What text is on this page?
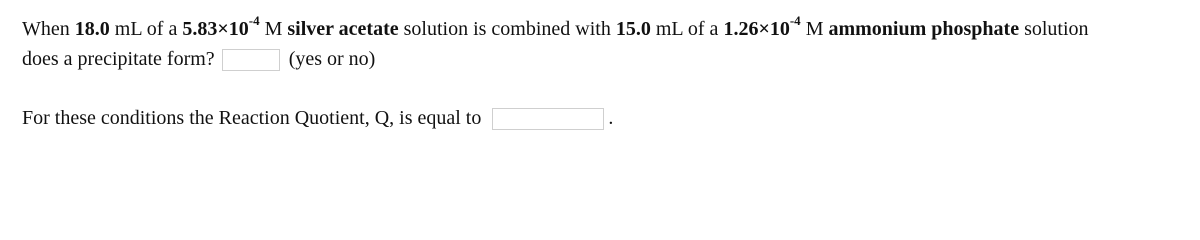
When 18.0 mL of a $5.83\times 10^{-4}$ M silver acetate solution is combined with 15.0 mL of a $1.26\times 10^{-4}$ M ammonium phosphate solution
does a precipitate form?	(yes or no)
For these conditions the Reaction Quotient, Q, is equal to	.
